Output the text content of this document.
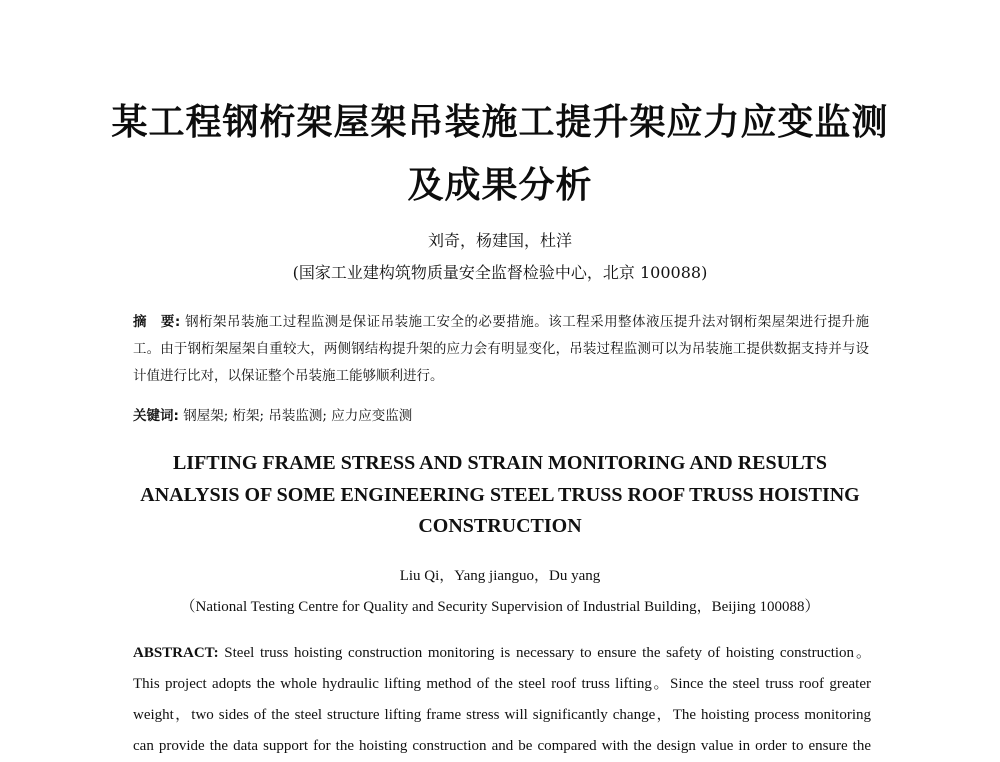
某工程钢桁架屋架吊装施工提升架应力应变监测
及成果分析
刘奇，杨建国，杜洋
(国家工业建构筑物质量安全监督检验中心，北京 100088)
摘　要: 钢桁架吊装施工过程监测是保证吊装施工安全的必要措施。该工程采用整体液压提升法对钢桁架屋架进行提升施工。由于钢桁架屋架自重较大，两侧钢结构提升架的应力会有明显变化，吊装过程监测可以为吊装施工提供数据支持并与设计值进行比对，以保证整个吊装施工能够顺利进行。
关键词: 钢屋架; 桁架; 吊装监测; 应力应变监测
LIFTING FRAME STRESS AND STRAIN MONITORING AND RESULTS
ANALYSIS OF SOME ENGINEERING STEEL TRUSS ROOF TRUSS HOISTING
CONSTRUCTION
Liu Qi，Yang jianguo，Du yang
（National Testing Centre for Quality and Security Supervision of Industrial Building，Beijing 100088）
ABSTRACT: Steel truss hoisting construction monitoring is necessary to ensure the safety of hoisting construction。
This project adopts the whole hydraulic lifting method of the steel roof truss lifting。Since the steel truss roof greater
weight，two sides of the steel structure lifting frame stress will significantly change，The hoisting process monitoring
can provide the data support for the hoisting construction and be compared with the design value in order to ensure the
